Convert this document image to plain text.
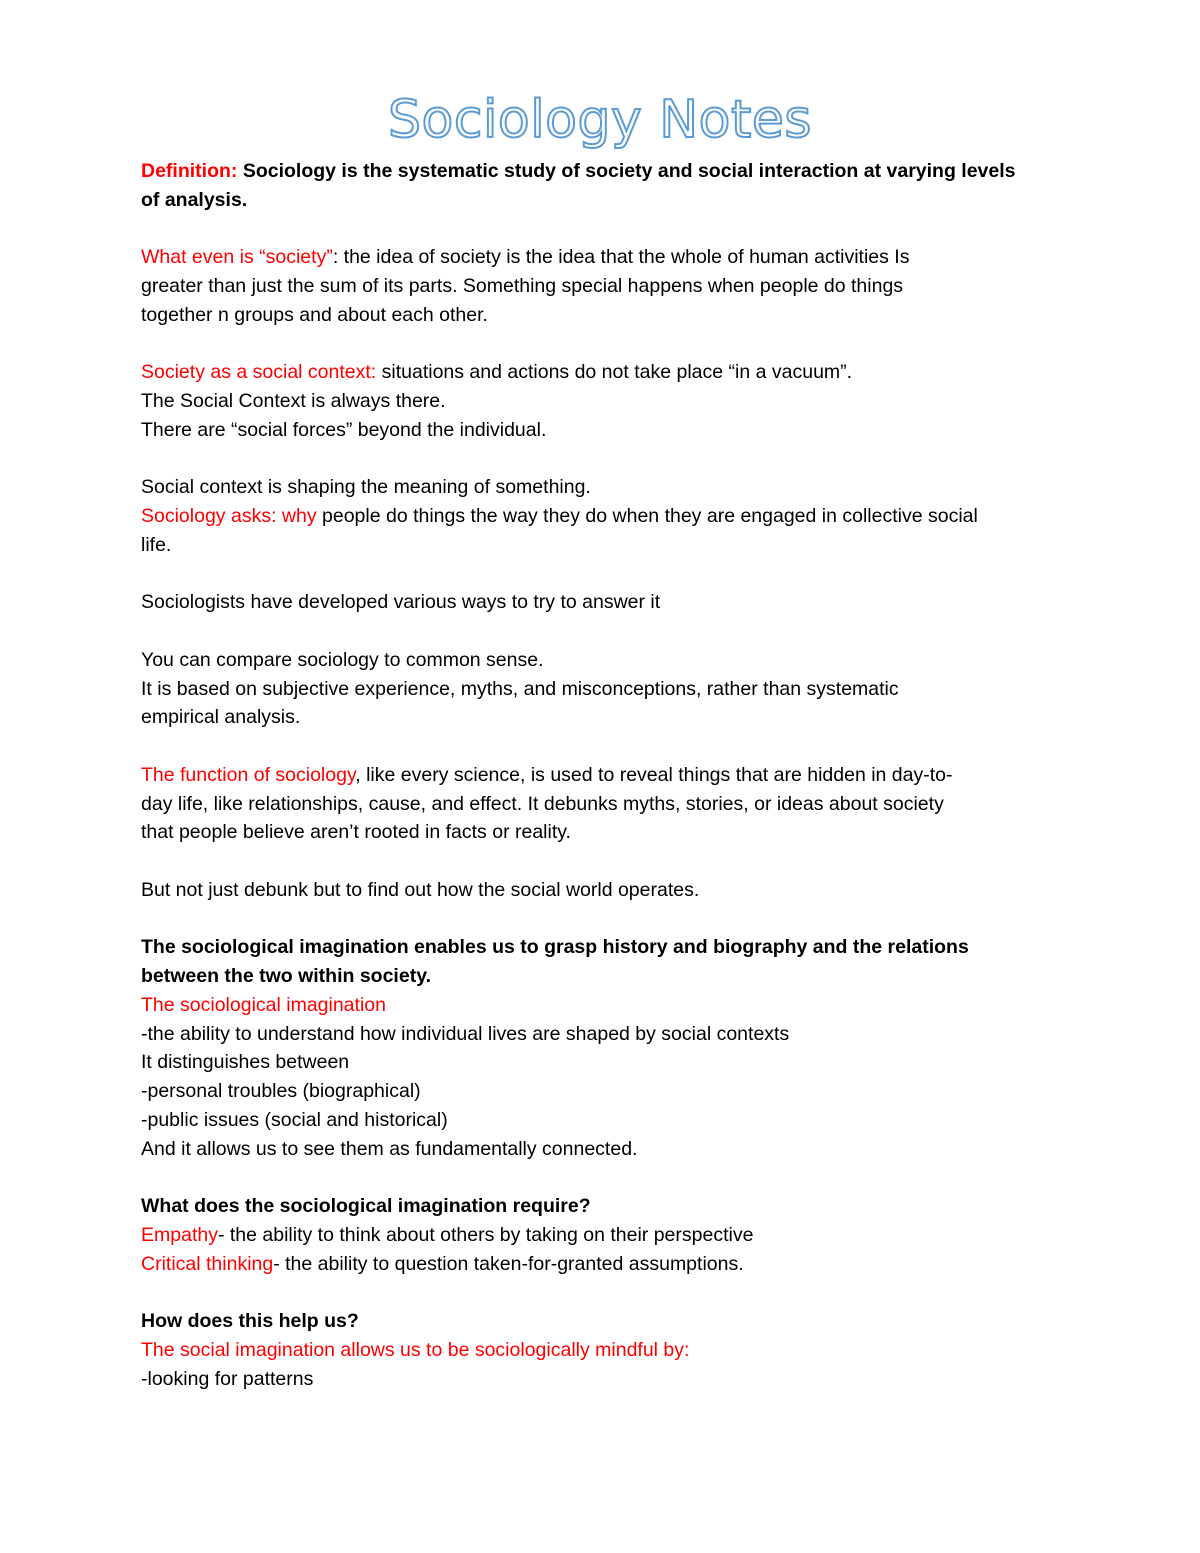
Sociology Notes
Definition: Sociology is the systematic study of society and social interaction at varying levels
of analysis.
What even is “society”: the idea of society is the idea that the whole of human activities Is
greater than just the sum of its parts. Something special happens when people do things
together n groups and about each other.
Society as a social context: situations and actions do not take place “in a vacuum”.
The Social Context is always there.
There are “social forces” beyond the individual.
Social context is shaping the meaning of something.
Sociology asks: why people do things the way they do when they are engaged in collective social
life.
Sociologists have developed various ways to try to answer it
You can compare sociology to common sense.
It is based on subjective experience, myths, and misconceptions, rather than systematic
empirical analysis.
The function of sociology, like every science, is used to reveal things that are hidden in day-to-
day life, like relationships, cause, and effect. It debunks myths, stories, or ideas about society
that people believe aren’t rooted in facts or reality.
But not just debunk but to find out how the social world operates.
The sociological imagination enables us to grasp history and biography and the relations
between the two within society.
The sociological imagination
-the ability to understand how individual lives are shaped by social contexts
It distinguishes between
-personal troubles (biographical)
-public issues (social and historical)
And it allows us to see them as fundamentally connected.
What does the sociological imagination require?
Empathy- the ability to think about others by taking on their perspective
Critical thinking- the ability to question taken-for-granted assumptions.
How does this help us?
The social imagination allows us to be sociologically mindful by:
-looking for patterns
